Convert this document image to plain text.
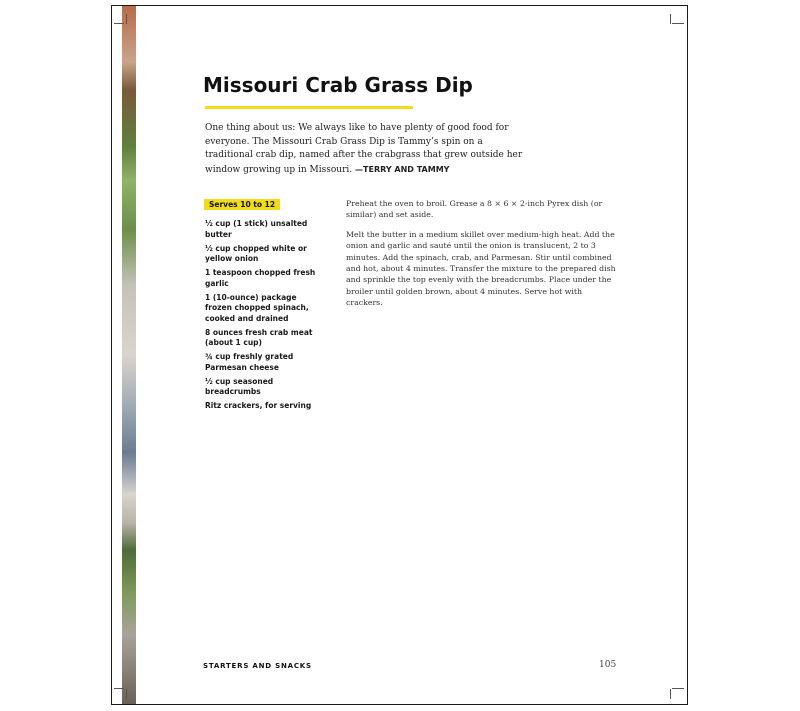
Missouri Crab Grass Dip

One thing about us: We always like to have plenty of good food for everyone. The Missouri Crab Grass Dip is Tammy’s spin on a traditional crab dip, named after the crabgrass that grew outside her window growing up in Missouri. —TERRY AND TAMMY

Serves 10 to 12
½ cup (1 stick) unsalted butter
½ cup chopped white or yellow onion
1 teaspoon chopped fresh garlic
1 (10-ounce) package frozen chopped spinach, cooked and drained
8 ounces fresh crab meat (about 1 cup)
¾ cup freshly grated Parmesan cheese
½ cup seasoned breadcrumbs
Ritz crackers, for serving

Preheat the oven to broil. Grease a 8 × 6 × 2-inch Pyrex dish (or similar) and set aside.

Melt the butter in a medium skillet over medium-high heat. Add the onion and garlic and sauté until the onion is translucent, 2 to 3 minutes. Add the spinach, crab, and Parmesan. Stir until combined and hot, about 4 minutes. Transfer the mixture to the prepared dish and sprinkle the top evenly with the breadcrumbs. Place under the broiler until golden brown, about 4 minutes. Serve hot with crackers.

STARTERS AND SNACKS	105
